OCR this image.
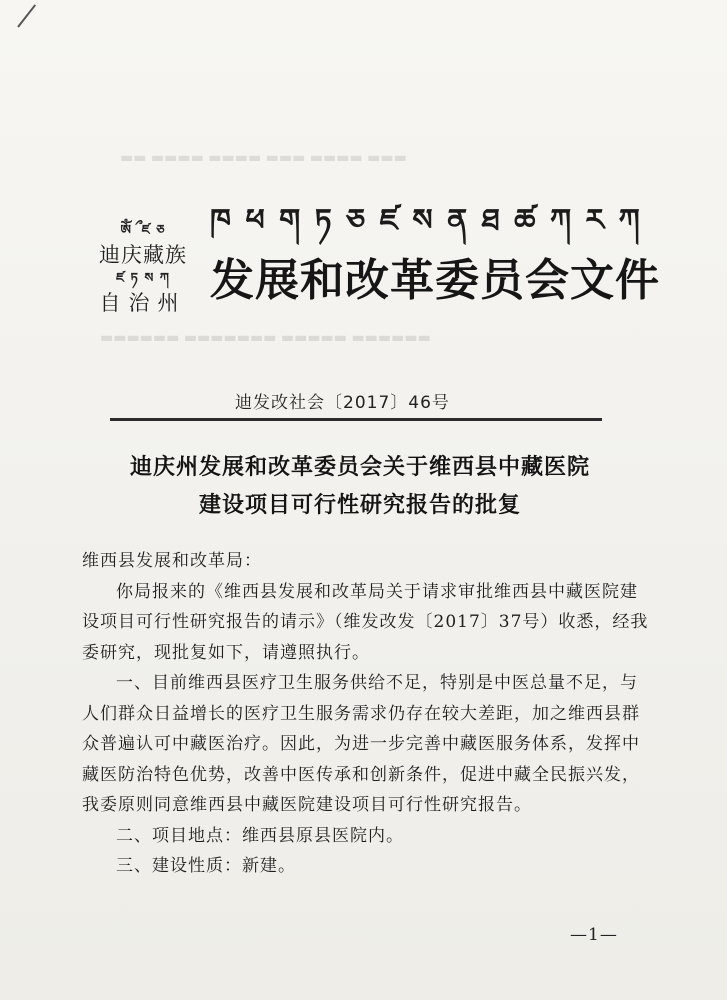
▬▬ ▬▬▬▬ ▬▬▬▬ ▬▬▬ ▬▬▬▬ ▬▬▬
▬▬▬▬▬▬ ▬▬▬▬▬▬▬ ▬▬▬▬▬ ▬▬▬▬▬▬
ༀ ྀ ཛ ཅ
迪庆藏族
ཛ ཏ ས ཀ
自治州
ཁ ཕ ག ཏ ཅ ཛ ས ན ཐ ཚ ཀ ར ཀ
发展和改革委员会文件
迪发改社会〔2017〕46号
迪庆州发展和改革委员会关于维西县中藏医院
建设项目可行性研究报告的批复

维西县发展和改革局：

你局报来的《维西县发展和改革局关于请求审批维西县中藏医院建设项目可行性研究报告的请示》（维发改发〔2017〕37号）收悉，经我委研究，现批复如下，请遵照执行。

一、目前维西县医疗卫生服务供给不足，特别是中医总量不足，与人们群众日益增长的医疗卫生服务需求仍存在较大差距，加之维西县群众普遍认可中藏医治疗。因此，为进一步完善中藏医服务体系，发挥中藏医防治特色优势，改善中医传承和创新条件，促进中藏全民振兴发，我委原则同意维西县中藏医院建设项目可行性研究报告。

二、项目地点：维西县原县医院内。

三、建设性质：新建。

—1—
